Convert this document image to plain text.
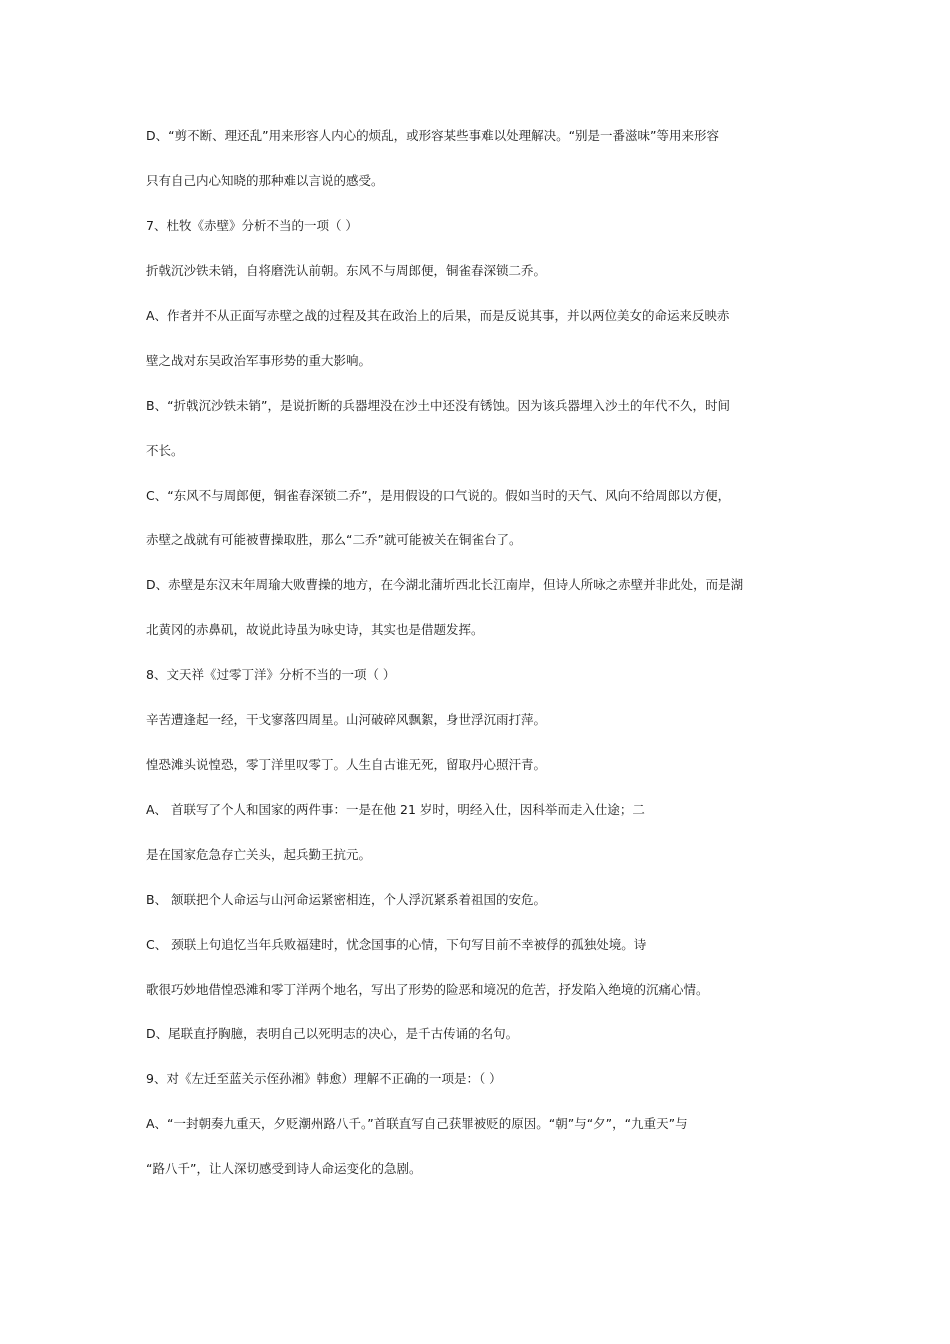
D、“剪不断、理还乱”用来形容人内心的烦乱，或形容某些事难以处理解决。“别是一番滋味”等用来形容
只有自己内心知晓的那种难以言说的感受。
7、杜牧《赤壁》分析不当的一项（ ）
折戟沉沙铁未销，自将磨洗认前朝。东风不与周郎便，铜雀春深锁二乔。
A、作者并不从正面写赤壁之战的过程及其在政治上的后果，而是反说其事，并以两位美女的命运来反映赤
壁之战对东吴政治军事形势的重大影响。
B、“折戟沉沙铁未销”，是说折断的兵器埋没在沙土中还没有锈蚀。因为该兵器埋入沙土的年代不久，时间
不长。
C、“东风不与周郎便，铜雀春深锁二乔”，是用假设的口气说的。假如当时的天气、风向不给周郎以方便，
赤壁之战就有可能被曹操取胜，那么“二乔”就可能被关在铜雀台了。
D、赤壁是东汉末年周瑜大败曹操的地方，在今湖北蒲圻西北长江南岸，但诗人所咏之赤壁并非此处，而是湖
北黄冈的赤鼻矶，故说此诗虽为咏史诗，其实也是借题发挥。
8、文天祥《过零丁洋》分析不当的一项（ ）
辛苦遭逢起一经，干戈寥落四周星。山河破碎风飘絮，身世浮沉雨打萍。
惶恐滩头说惶恐，零丁洋里叹零丁。人生自古谁无死，留取丹心照汗青。
A、 首联写了个人和国家的两件事：一是在他 21 岁时，明经入仕，因科举而走入仕途；二
是在国家危急存亡关头，起兵勤王抗元。
B、 颔联把个人命运与山河命运紧密相连，个人浮沉紧系着祖国的安危。
C、 颈联上句追忆当年兵败福建时，忧念国事的心情，下句写目前不幸被俘的孤独处境。诗
歌很巧妙地借惶恐滩和零丁洋两个地名，写出了形势的险恶和境况的危苦，抒发陷入绝境的沉痛心情。
D、尾联直抒胸臆，表明自己以死明志的决心，是千古传诵的名句。
9、对《左迁至蓝关示侄孙湘》韩愈）理解不正确的一项是：（ ）
A、“一封朝奏九重天，夕贬潮州路八千。”首联直写自己获罪被贬的原因。“朝”与“夕”，“九重天”与
“路八千”，让人深切感受到诗人命运变化的急剧。
